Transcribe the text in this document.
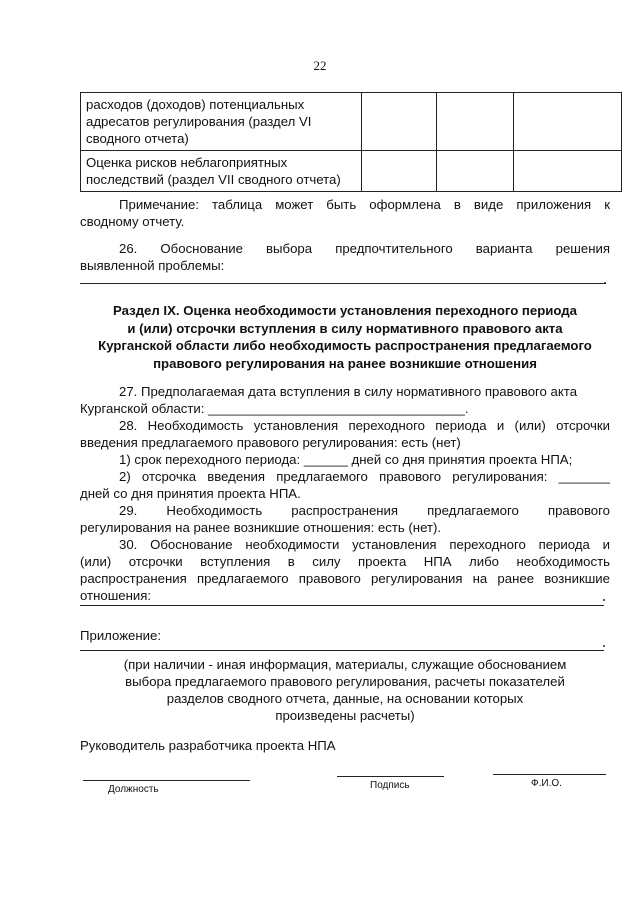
22
расходов (доходов) потенциальных
адресатов регулирования (раздел VI
сводного отчета)			

Оценка рисков неблагоприятных
последствий (раздел VII сводного отчета)			

Примечание: таблица может быть оформлена в виде приложения к
сводному отчету.
26. Обоснование выбора предпочтительного варианта решения
выявленной проблемы:
Раздел IX. Оценка необходимости установления переходного периода
и (или) отсрочки вступления в силу нормативного правового акта
Курганской области либо необходимость распространения предлагаемого
правового регулирования на ранее возникшие отношения
27. Предполагаемая дата вступления в силу нормативного правового акта
Курганской области: ___________________________________.
28. Необходимость установления переходного периода и (или) отсрочки
введения предлагаемого правового регулирования: есть (нет)
1) срок переходного периода: ______ дней со дня принятия проекта НПА;
2) отсрочка введения предлагаемого правового регулирования: _______
дней со дня принятия проекта НПА.
29. Необходимость распространения предлагаемого правового
регулирования на ранее возникшие отношения: есть (нет).
30. Обоснование необходимости установления переходного периода и
(или) отсрочки вступления в силу проекта НПА либо необходимость
распространения предлагаемого правового регулирования на ранее возникшие
отношения:
Приложение:
(при наличии - иная информация, материалы, служащие обоснованием
выбора предлагаемого правового регулирования, расчеты показателей
разделов сводного отчета, данные, на основании которых
произведены расчеты)
Руководитель разработчика проекта НПА
Должность	Подпись	Ф.И.О.
